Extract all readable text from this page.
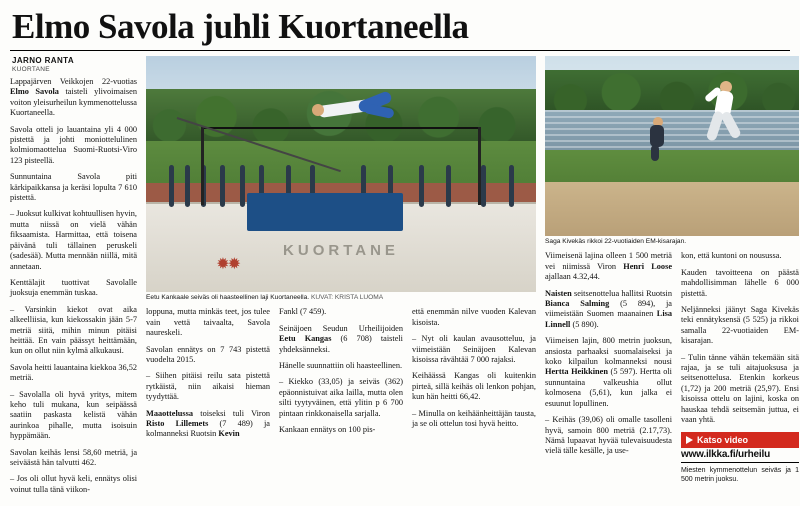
Elmo Savola juhli Kuortaneella
JARNO RANTA
KUORTANE

Lappajärven Veikkojen 22-vuotias Elmo Savola taisteli ylivoimaisen voiton yleisurheilun kymmenottelussa Kuortaneella.

Savola otteli jo lauantaina yli 4 000 pistettä ja johti moniottelulinen kolmiomaottelua Suomi-Ruotsi-Viro 123 pisteellä.

Sunnuntaina Savola piti kärkipaikkansa ja keräsi lopulta 7 610 pistettä.

– Juoksut kulkivat kohtuullisen hyvin, mutta niissä on vielä vähän fiksaamista. Harmittaa, että toisena päivänä tuli tällainen peruskeli (sadesää). Mutta mennään niillä, mitä annetaan.

Kenttälajit tuottivat Savolalle juoksuja enemmän tuskaa.

– Varsinkin kiekot ovat aika alkeelliisia, kun kiekossakin jään 5-7 metriä siitä, mihin minun pitäisi heittää. En vain päässyt heittämään, kun on ollut niin kylmä alkukausi.

Savola heitti lauantaina kiekkoa 36,52 metriä.

– Savolalla oli hyvä yritys, mitem keho tuli mukana, kun seipäässä saatiin paskasta kelistä vähän aurinkoa pihalle, mutta isoisuin hyppämään.

Savolan keihäs lensi 58,60 metriä, ja seiväästä hän talvutti 462.

– Jos oli ollut hyvä keli, ennätys olisi voinut tulla tänä viikon-

KUORTANE
✹✹
Eetu Kankaale seiväs oli haasteellinen laji Kuortaneella. KUVAT: KRISTA LUOMA

loppuna, mutta minkäs teet, jos tulee vain vettä taivaalta, Savola naureskeli.

Savolan ennätys on 7 743 pistettä vuodelta 2015.

– Siihen pitäisi reilu sata pistettä rytkäistä, niin aikaisi hieman tyydyttää.

Maaottelussa toiseksi tuli Viron Risto Lillemets (7 489) ja kolmanneksi Ruotsin Kevin

Fankl (7 459).

Seinäjoen Seudun Urheilijoiden Eetu Kangas (6 708) taisteli yhdeksänneksi.

Hänelle suunnattiin oli haasteellinen.

– Kiekko (33,05) ja seiväs (362) epäonnistuivat aika lailla, mutta olen silti tyytyväinen, että ylitin p 6 700 pintaan rinkkonaisella sarjalla.

Kankaan ennätys on 100 pis-

että enemmän nilve vuoden Kalevan kisoista.

– Nyt oli kaulan avausotteluu, ja viimeistään Seinäjoen Kalevan kisoissa rävähtää 7 000 rajaksi.

Keihäässä Kangas oli kuitenkin pirteä, sillä keihäs oli lenkon pohjan, kun hän heitti 66,42.

– Minulla on keihäänheittäjän tausta, ja se oli ottelun tosi hyvä heitto.

Saga Kivekäs rikkoi 22-vuotiaiden EM-kisarajan.

Viimeisenä lajina olleen 1 500 metriä vei niimissä Viron Henri Loose ajallaan 4.32,44.

Naisten seitsenottelua hallitsi Ruotsin Bianca Salming (5 894), ja viimeistään Suomen maanainen Lisa Linnell (5 890).

Viimeisen lajin, 800 metrin juoksun, ansiosta parhaaksi suomalaiseksi ja koko kilpailun kolmanneksi nousi Hertta Heikkinen (5 597). Hertta oli sunnuntaina valkeushia ollut kolmosena (5,61), kun jalka ei esuunut lopullinen.

– Keihäs (39,06) oli omalle tasolleni hyvä, samoin 800 metriä (2.17,73). Nämä lupaavat hyvää tulevaisuudesta vielä tälle kesälle, ja use-

kon, että kuntoni on nousussa.

Kauden tavoitteena on päästä mahdollisimman lähelle 6 000 pistettä.

Neljänneksi jäänyt Saga Kivekäs teki ennätyksensä (5 525) ja rikkoi samalla 22-vuotiaiden EM-kisarajan.

– Tulin tänne vähän tekemään sitä rajaa, ja se tuli aitajuoksusa ja seitsenottelusa. Etenkin korkeus (1,72) ja 200 metriä (25,97). Ensi kisoissa ottelu on lajini, koska on hauskaa tehdä seitsemän juttua, ei vaan yhtä.

Katso video
www.ilkka.fi/urheilu
Miesten kymmenottelun seiväs ja 1 500 metrin juoksu.
